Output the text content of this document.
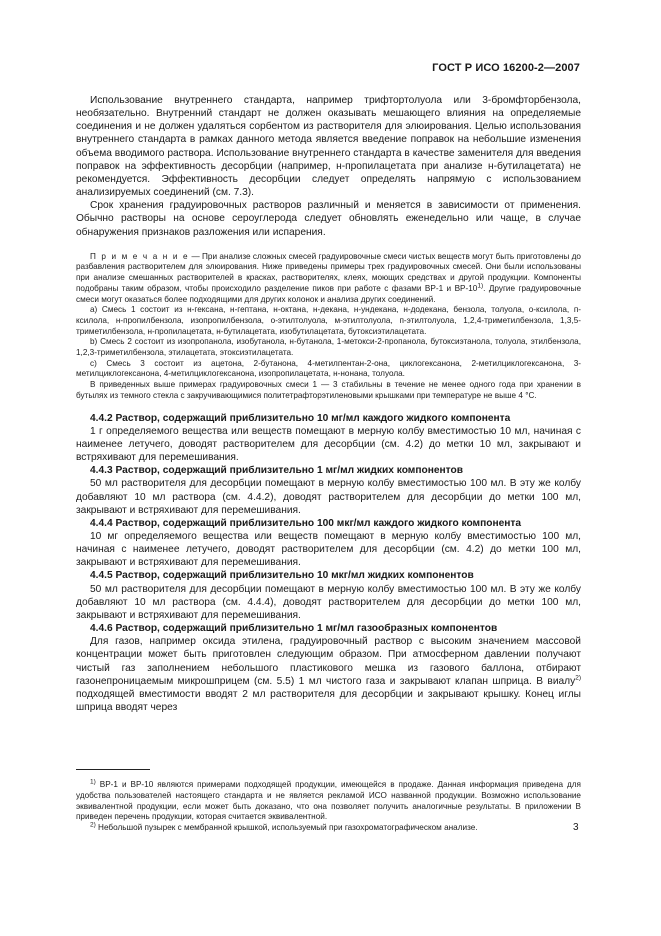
ГОСТ Р ИСО 16200-2—2007

Использование внутреннего стандарта, например трифтортолуола или 3-бромфторбензола, необязательно. Внутренний стандарт не должен оказывать мешающего влияния на определяемые соединения и не должен удаляться сорбентом из растворителя для элюирования. Целью использования внутреннего стандарта в рамках данного метода является введение поправок на небольшие изменения объема вводимого раствора. Использование внутреннего стандарта в качестве заменителя для введения поправок на эффективность десорбции (например, н-пропилацетата при анализе н-бутилацетата) не рекомендуется. Эффективность десорбции следует определять напрямую с использованием анализируемых соединений (см. 7.3).

Срок хранения градуировочных растворов различный и меняется в зависимости от применения. Обычно растворы на основе сероуглерода следует обновлять еженедельно или чаще, в случае обнаружения признаков разложения или испарения.

П р и м е ч а н и е — При анализе сложных смесей градуировочные смеси чистых веществ могут быть приготовлены до разбавления растворителем для элюирования. Ниже приведены примеры трех градуировочных смесей. Они были использованы при анализе смешанных растворителей в красках, растворителях, клеях, моющих средствах и другой продукции. Компоненты подобраны таким образом, чтобы происходило разделение пиков при работе с фазами ВР-1 и ВР-10$^{1)}$. Другие градуировочные смеси могут оказаться более подходящими для других колонок и анализа других соединений.

а) Смесь 1 состоит из н-гексана, н-гептана, н-октана, н-декана, н-ундекана, н-додекана, бензола, толуола, о-ксилола, п-ксилола, н-пропилбензола, изопропилбензола, о-этилтолуола, м-этилтолуола, п-этилтолуола, 1,2,4-триметилбензола, 1,3,5-триметилбензола, н-пропилацетата, н-бутилацетата, изобутилацетата, бутоксиэтилацетата.

b) Смесь 2 состоит из изопропанола, изобутанола, н-бутанола, 1-метокси-2-пропанола, бутоксиэтанола, толуола, этилбензола, 1,2,3-триметилбензола, этилацетата, этоксиэтилацетата.

с) Смесь 3 состоит из ацетона, 2-бутанона, 4-метилпентан-2-она, циклогексанона, 2-метилциклогексанона, 3-метилциклогексанона, 4-метилциклогексанона, изопропилацетата, н-нонана, толуола.

В приведенных выше примерах градуировочных смеси 1 — 3 стабильны в течение не менее одного года при хранении в бутылях из темного стекла с закручивающимися политетрафторэтиленовыми крышками при температуре не выше 4 °С.

4.4.2 Раствор, содержащий приблизительно 10 мг/мл каждого жидкого компонента

1 г определяемого вещества или веществ помещают в мерную колбу вместимостью 10 мл, начиная с наименее летучего, доводят растворителем для десорбции (см. 4.2) до метки 10 мл, закрывают и встряхивают для перемешивания.

4.4.3 Раствор, содержащий приблизительно 1 мг/мл жидких компонентов

50 мл растворителя для десорбции помещают в мерную колбу вместимостью 100 мл. В эту же колбу добавляют 10 мл раствора (см. 4.4.2), доводят растворителем для десорбции до метки 100 мл, закрывают и встряхивают для перемешивания.

4.4.4 Раствор, содержащий приблизительно 100 мкг/мл каждого жидкого компонента

10 мг определяемого вещества или веществ помещают в мерную колбу вместимостью 100 мл, начиная с наименее летучего, доводят растворителем для десорбции (см. 4.2) до метки 100 мл, закрывают и встряхивают для перемешивания.

4.4.5 Раствор, содержащий приблизительно 10 мкг/мл жидких компонентов

50 мл растворителя для десорбции помещают в мерную колбу вместимостью 100 мл. В эту же колбу добавляют 10 мл раствора (см. 4.4.4), доводят растворителем для десорбции до метки 100 мл, закрывают и встряхивают для перемешивания.

4.4.6 Раствор, содержащий приблизительно 1 мг/мл газообразных компонентов

Для газов, например оксида этилена, градуировочный раствор с высоким значением массовой концентрации может быть приготовлен следующим образом. При атмосферном давлении получают чистый газ заполнением небольшого пластикового мешка из газового баллона, отбирают газонепроницаемым микрошприцем (см. 5.5) 1 мл чистого газа и закрывают клапан шприца. В виалу$^{2)}$ подходящей вместимости вводят 2 мл растворителя для десорбции и закрывают крышку. Конец иглы шприца вводят через

$^{1)}$ ВР-1 и ВР-10 являются примерами подходящей продукции, имеющейся в продаже. Данная информация приведена для удобства пользователей настоящего стандарта и не является рекламой ИСО названной продукции. Возможно использование эквивалентной продукции, если может быть доказано, что она позволяет получить аналогичные результаты. В приложении В приведен перечень продукции, которая считается эквивалентной.

$^{2)}$ Небольшой пузырек с мембранной крышкой, используемый при газохроматографическом анализе.	3
